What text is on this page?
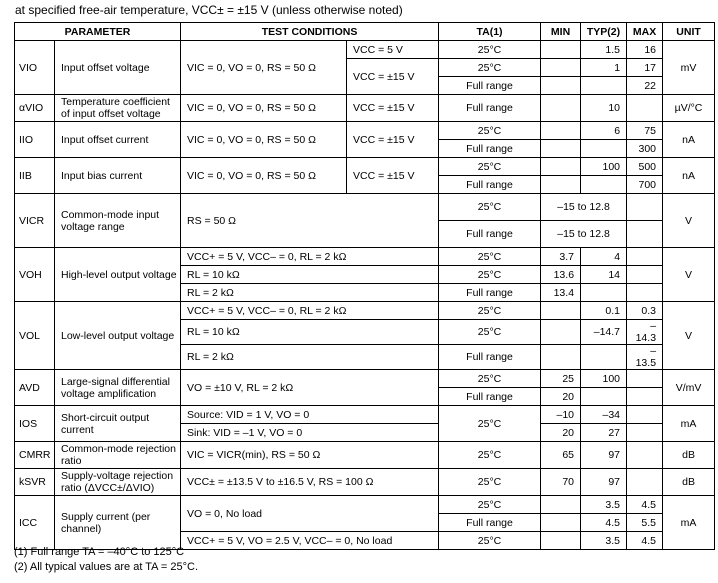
at specified free-air temperature, VCC± = ±15 V (unless otherwise noted)
PARAMETER		TEST CONDITIONS		TA(1)	MIN	TYP(2)	MAX	UNIT
VIO	Input offset voltage	VIC = 0, VO = 0, RS = 50 Ω	VCC = 5 V	25°C		1.5	16	mV
			VCC = ±15 V	25°C		1	17	
				Full range			22	
αVIO	Temperature coefficient of input offset voltage	VIC = 0, VO = 0, RS = 50 Ω	VCC = ±15 V	Full range		10		µV/°C
IIO	Input offset current	VIC = 0, VO = 0, RS = 50 Ω	VCC = ±15 V	25°C		6	75	nA
				Full range			300	
IIB	Input bias current	VIC = 0, VO = 0, RS = 50 Ω	VCC = ±15 V	25°C		100	500	nA
				Full range			700	
VICR	Common-mode input voltage range	RS = 50 Ω		25°C	–15 to 12.8			V
				Full range	–15 to 12.8			
VOH	High-level output voltage	VCC+ = 5 V, VCC– = 0, RL = 2 kΩ		25°C	3.7	4		V
		RL = 10 kΩ		25°C	13.6	14		
		RL = 2 kΩ		Full range	13.4			
VOL	Low-level output voltage	VCC+ = 5 V, VCC– = 0, RL = 2 kΩ		25°C		0.1	0.3	V
		RL = 10 kΩ		25°C		–14.7	–14.3	
		RL = 2 kΩ		Full range			–13.5	
AVD	Large-signal differential voltage amplification	VO = ±10 V, RL = 2 kΩ		25°C	25	100		V/mV
				Full range	20			
IOS	Short-circuit output current	Source: VID = 1 V, VO = 0		25°C	–10	–34		mA
		Sink: VID = –1 V, VO = 0			20	27		
CMRR	Common-mode rejection ratio	VIC = VICR(min), RS = 50 Ω		25°C	65	97		dB
kSVR	Supply-voltage rejection ratio (ΔVCC±/ΔVIO)	VCC± = ±13.5 V to ±16.5 V, RS = 100 Ω		25°C	70	97		dB
ICC	Supply current (per channel)	VO = 0, No load		25°C		3.5	4.5	mA
				Full range		4.5	5.5	
		VCC+ = 5 V, VO = 2.5 V, VCC– = 0, No load		25°C		3.5	4.5	
(1) Full range TA = –40°C to 125°C
(2) All typical values are at TA = 25°C.
